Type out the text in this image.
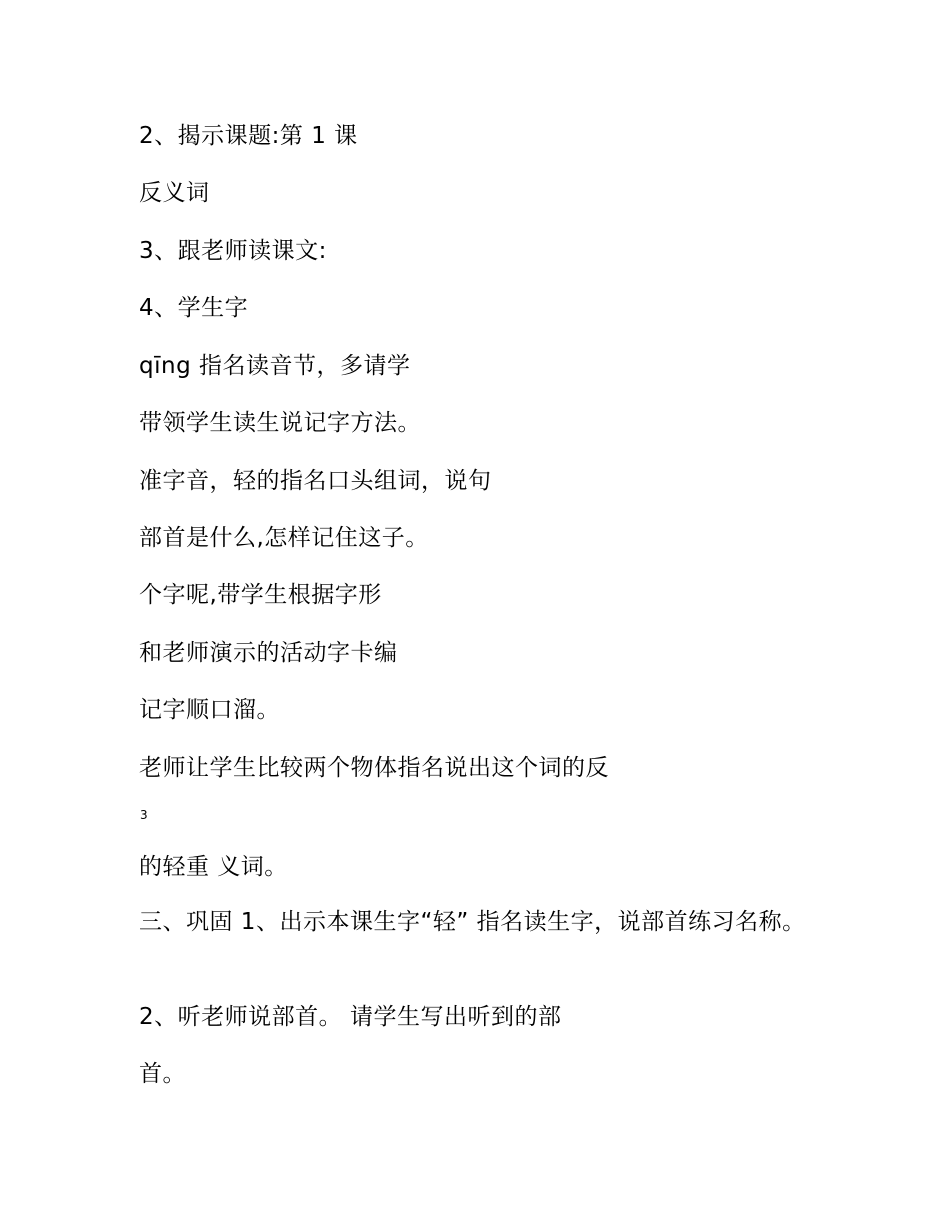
2、揭示课题:第 1 课
反义词
3、跟老师读课文:
4、学生字
qīng 指名读音节，多请学
带领学生读生说记字方法。
准字音，轻的指名口头组词，说句
部首是什么,怎样记住这子。
个字呢,带学生根据字形
和老师演示的活动字卡编
记字顺口溜。
老师让学生比较两个物体指名说出这个词的反
3
的轻重 义词。
三、巩固 1、出示本课生字“轻” 指名读生字，说部首练习名称。
2、听老师说部首。 请学生写出听到的部
首。
